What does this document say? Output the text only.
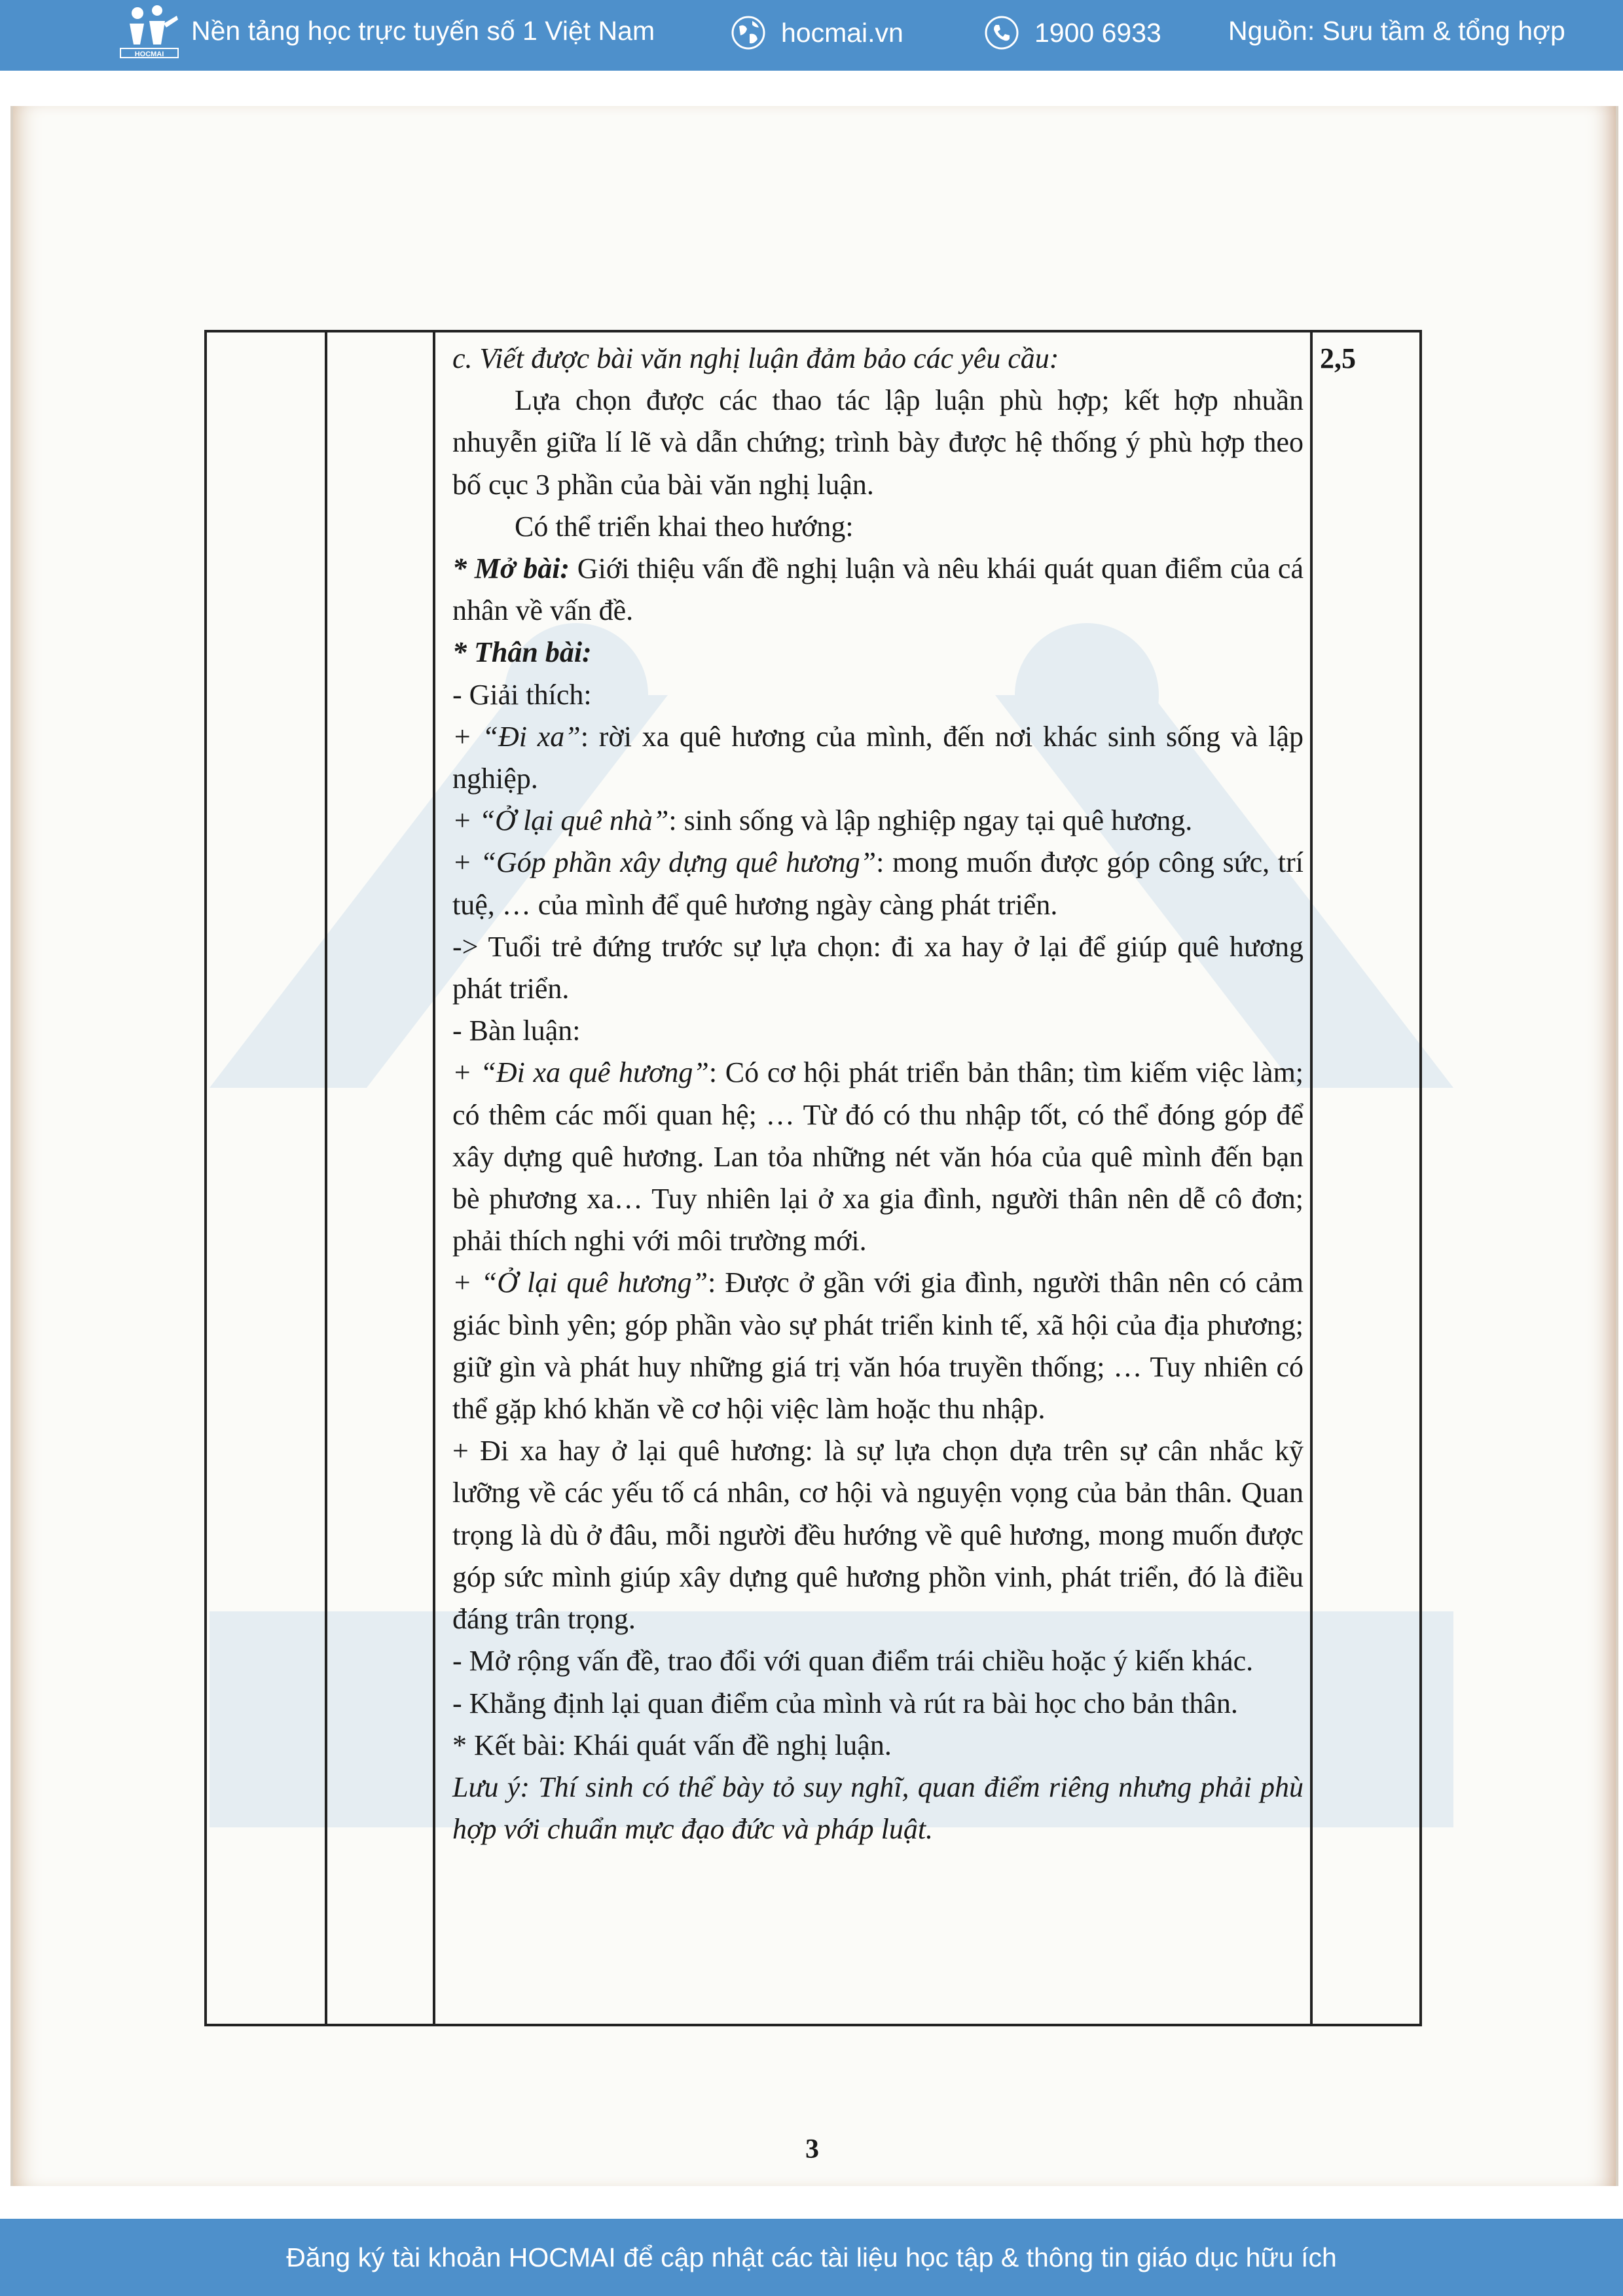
HOCMAI
Nền tảng học trực tuyến số 1 Việt Nam	hocmai.vn	1900 6933 Nguồn: Sưu tầm & tổng hợp

c. Viết được bài văn nghị luận đảm bảo các yêu cầu:

Lựa chọn được các thao tác lập luận phù hợp; kết hợp nhuần nhuyễn giữa lí lẽ và dẫn chứng; trình bày được hệ thống ý phù hợp theo bố cục 3 phần của bài văn nghị luận.

Có thể triển khai theo hướng:

* Mở bài: Giới thiệu vấn đề nghị luận và nêu khái quát quan điểm của cá nhân về vấn đề.

* Thân bài:

- Giải thích:

+ “Đi xa”: rời xa quê hương của mình, đến nơi khác sinh sống và lập nghiệp.

+ “Ở lại quê nhà”: sinh sống và lập nghiệp ngay tại quê hương.

+ “Góp phần xây dựng quê hương”: mong muốn được góp công sức, trí tuệ, … của mình để quê hương ngày càng phát triển.

-> Tuổi trẻ đứng trước sự lựa chọn: đi xa hay ở lại để giúp quê hương phát triển.

- Bàn luận:

+ “Đi xa quê hương”: Có cơ hội phát triển bản thân; tìm kiếm việc làm; có thêm các mối quan hệ; … Từ đó có thu nhập tốt, có thể đóng góp để xây dựng quê hương. Lan tỏa những nét văn hóa của quê mình đến bạn bè phương xa… Tuy nhiên lại ở xa gia đình, người thân nên dễ cô đơn; phải thích nghi với môi trường mới.

+ “Ở lại quê hương”: Được ở gần với gia đình, người thân nên có cảm giác bình yên; góp phần vào sự phát triển kinh tế, xã hội của địa phương; giữ gìn và phát huy những giá trị văn hóa truyền thống; … Tuy nhiên có thể gặp khó khăn về cơ hội việc làm hoặc thu nhập.

+ Đi xa hay ở lại quê hương: là sự lựa chọn dựa trên sự cân nhắc kỹ lưỡng về các yếu tố cá nhân, cơ hội và nguyện vọng của bản thân. Quan trọng là dù ở đâu, mỗi người đều hướng về quê hương, mong muốn được góp sức mình giúp xây dựng quê hương phồn vinh, phát triển, đó là điều đáng trân trọng.

- Mở rộng vấn đề, trao đổi với quan điểm trái chiều hoặc ý kiến khác.

- Khẳng định lại quan điểm của mình và rút ra bài học cho bản thân.

* Kết bài: Khái quát vấn đề nghị luận.

Lưu ý: Thí sinh có thể bày tỏ suy nghĩ, quan điểm riêng nhưng phải phù hợp với chuẩn mực đạo đức và pháp luật.

2,5
3
Đăng ký tài khoản HOCMAI để cập nhật các tài liệu học tập & thông tin giáo dục hữu ích
